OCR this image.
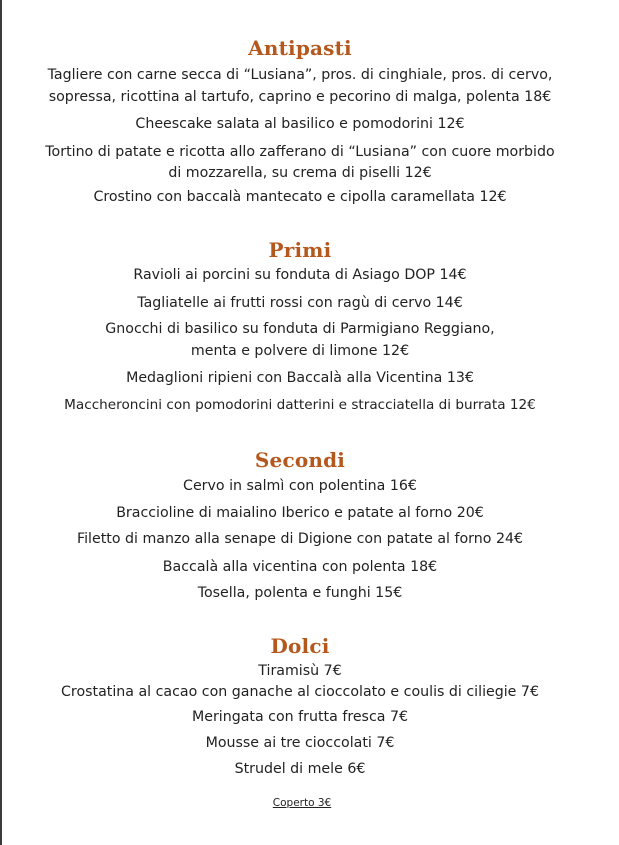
Antipasti

Tagliere con carne secca di “Lusiana”, pros. di cinghiale, pros. di cervo,

sopressa, ricottina al tartufo, caprino e pecorino di malga, polenta 18€

Cheescake salata al basilico e pomodorini 12€

Tortino di patate e ricotta allo zafferano di “Lusiana” con cuore morbido

di mozzarella, su crema di piselli 12€

Crostino con baccalà mantecato e cipolla caramellata 12€

Primi

Ravioli ai porcini su fonduta di Asiago DOP 14€

Tagliatelle ai frutti rossi con ragù di cervo 14€

Gnocchi di basilico su fonduta di Parmigiano Reggiano,

menta e polvere di limone 12€

Medaglioni ripieni con Baccalà alla Vicentina 13€

Maccheroncini con pomodorini datterini e stracciatella di burrata 12€

Secondi

Cervo in salmì con polentina 16€

Braccioline di maialino Iberico e patate al forno 20€

Filetto di manzo alla senape di Digione con patate al forno 24€

Baccalà alla vicentina con polenta 18€

Tosella, polenta e funghi 15€

Dolci

Tiramisù 7€

Crostatina al cacao con ganache al cioccolato e coulis di ciliegie 7€

Meringata con frutta fresca 7€

Mousse ai tre cioccolati 7€

Strudel di mele 6€

Coperto 3€
